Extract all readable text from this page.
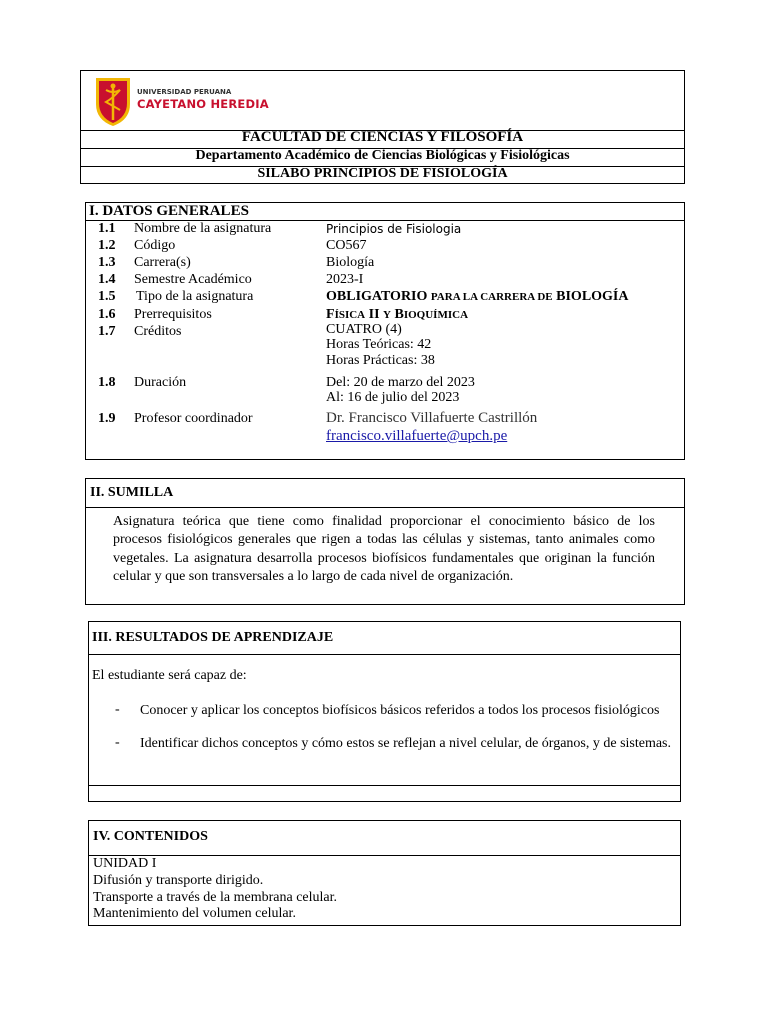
UNIVERSIDAD PERUANA
CAYETANO HEREDIA
FACULTAD DE CIENCIAS Y FILOSOFÍA
Departamento Académico de Ciencias Biológicas y Fisiológicas
SILABO PRINCIPIOS DE FISIOLOGÍA
I. DATOS GENERALES
1.1 Nombre de la asignatura	Principios de Fisiologia
1.2 Código	CO567
1.3 Carrera(s)	Biología
1.4 Semestre Académico	2023-I
1.5 Tipo de la asignatura	OBLIGATORIO PARA LA CARRERA DE BIOLOGÍA
1.6 Prerrequisitos	FÍSICA II Y BIOQUÍMICA
1.7 Créditos	CUATRO (4)
Horas Teóricas: 42
Horas Prácticas: 38
1.8 Duración	Del: 20 de marzo del 2023
Al: 16 de julio del 2023
1.9 Profesor coordinador	Dr. Francisco Villafuerte Castrillón
francisco.villafuerte@upch.pe
II. SUMILLA
Asignatura teórica que tiene como finalidad proporcionar el conocimiento básico de los procesos fisiológicos generales que rigen a todas las células y sistemas, tanto animales como vegetales. La asignatura desarrolla procesos biofísicos fundamentales que originan la función celular y que son transversales a lo largo de cada nivel de organización.
III. RESULTADOS DE APRENDIZAJE
El estudiante será capaz de:
- Conocer y aplicar los conceptos biofísicos básicos referidos a todos los procesos fisiológicos
- Identificar dichos conceptos y cómo estos se reflejan a nivel celular, de órganos, y de sistemas.
IV. CONTENIDOS
UNIDAD I
Difusión y transporte dirigido.
Transporte a través de la membrana celular.
Mantenimiento del volumen celular.
